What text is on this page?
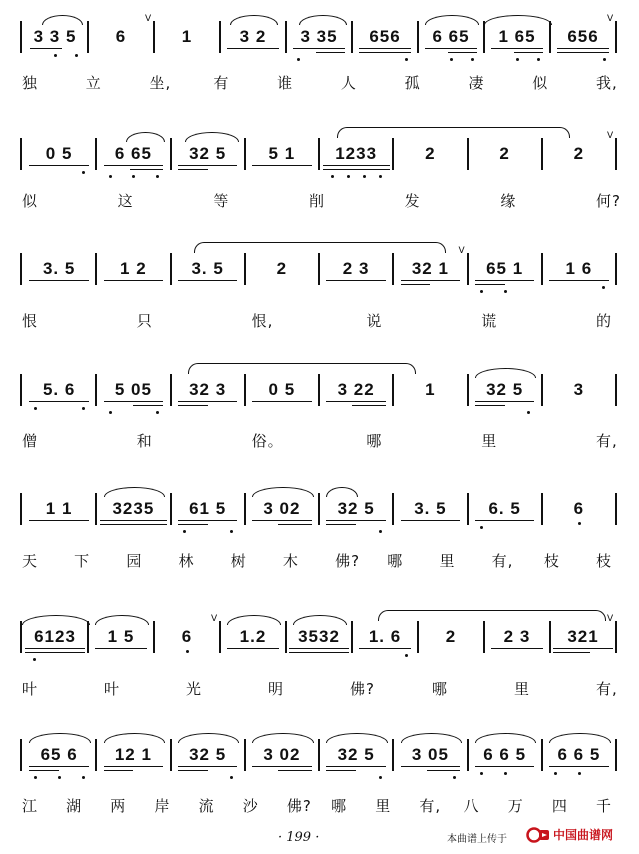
3 3 5	6
V
1	3 2	3 35	656	6 65	1 65	656
V
独	立	坐,	有	谁	人	孤	凄	似	我,
0 5	6 65	32 5	5 1	1233	2	2	2
V
似	这	等	削	发	缘	何?
3. 5	1 2	3. 5	2	2 3	32 1
V
65 1	1 6
恨	只	恨,	说	谎	的
5. 6	5 05	32 3	0 5	3 22	1	32 5	3
僧	和	俗。	哪	里	有,
1 1	3235	61 5	3 02	32 5	3. 5	6. 5	6
天 下 园 林 树 木 佛? 哪 里 有, 枝 枝
6123	1 5	6
V
1.2	3532	1. 6	2	2 3	321
V
叶	叶	光	明	佛?	哪	里	有,
65 6	12 1	32 5	3 02	32 5	3 05	6 6 5	6 6 5
江 湖 两 岸 流 沙 佛? 哪 里 有, 八 万 四 千
· 199 ·	本曲谱上传于	中国曲谱网
